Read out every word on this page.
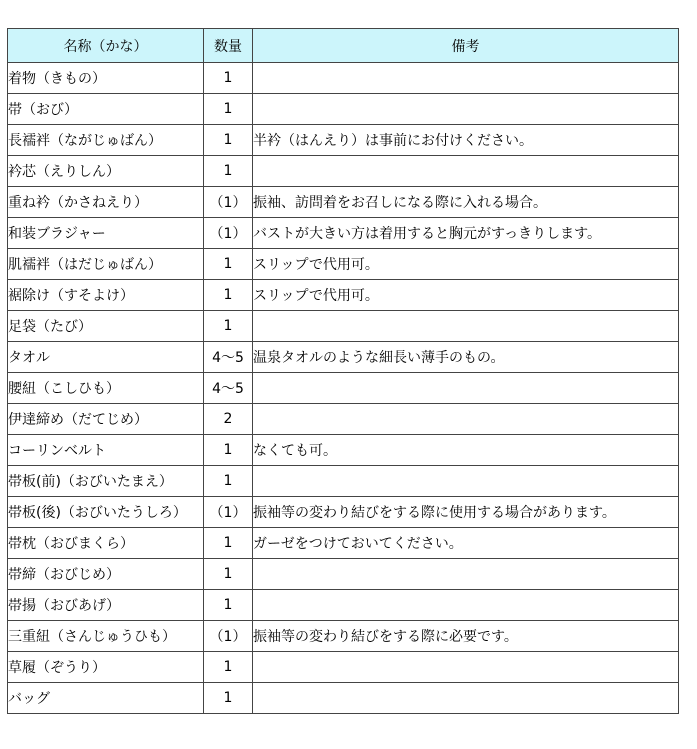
名称（かな）	数量	備考
着物（きもの）	1	
帯（おび）	1	
長襦袢（ながじゅばん）	1	半衿（はんえり）は事前にお付けください。
衿芯（えりしん）	1	
重ね衿（かさねえり）	（1）	振袖、訪問着をお召しになる際に入れる場合。
和装ブラジャー	（1）	バストが大きい方は着用すると胸元がすっきりします。
肌襦袢（はだじゅばん）	1	スリップで代用可。
裾除け（すそよけ）	1	スリップで代用可。
足袋（たび）	1	
タオル	4～5	温泉タオルのような細長い薄手のもの。
腰紐（こしひも）	4～5	
伊達締め（だてじめ）	2	
コーリンベルト	1	なくても可。
帯板(前)（おびいたまえ）	1	
帯板(後)（おびいたうしろ）	（1）	振袖等の変わり結びをする際に使用する場合があります。
帯枕（おびまくら）	1	ガーゼをつけておいてください。
帯締（おびじめ）	1	
帯揚（おびあげ）	1	
三重紐（さんじゅうひも）	（1）	振袖等の変わり結びをする際に必要です。
草履（ぞうり）	1	
バッグ	1	
